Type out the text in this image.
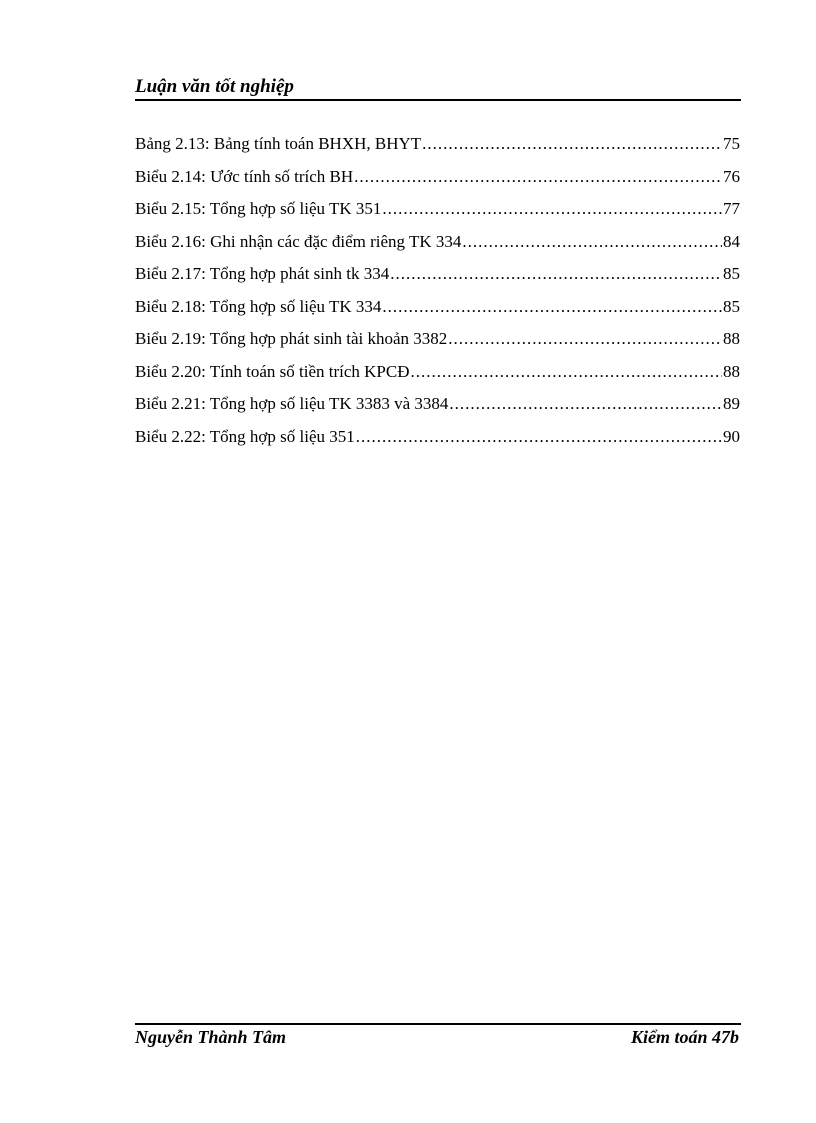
Luận văn tốt nghiệp
Bảng 2.13: Bảng tính toán BHXH, BHYT .....	75
Biểu 2.14: Ước tính số trích BH .....	76
Biểu 2.15: Tổng hợp số liệu TK 351 .....	77
Biểu 2.16: Ghi nhận các đặc điểm riêng TK 334 .....	84
Biểu 2.17: Tổng hợp phát sinh tk 334 .....	85
Biểu 2.18: Tổng hợp số liệu TK 334 .....	85
Biểu 2.19: Tổng hợp phát sinh tài khoản 3382 .....	88
Biểu 2.20: Tính toán số tiền trích KPCĐ .....	88
Biểu 2.21: Tổng hợp số liệu TK 3383 và 3384 .....	89
Biểu 2.22: Tổng hợp số liệu 351 .....	90
Nguyễn Thành Tâm	Kiểm toán 47b
